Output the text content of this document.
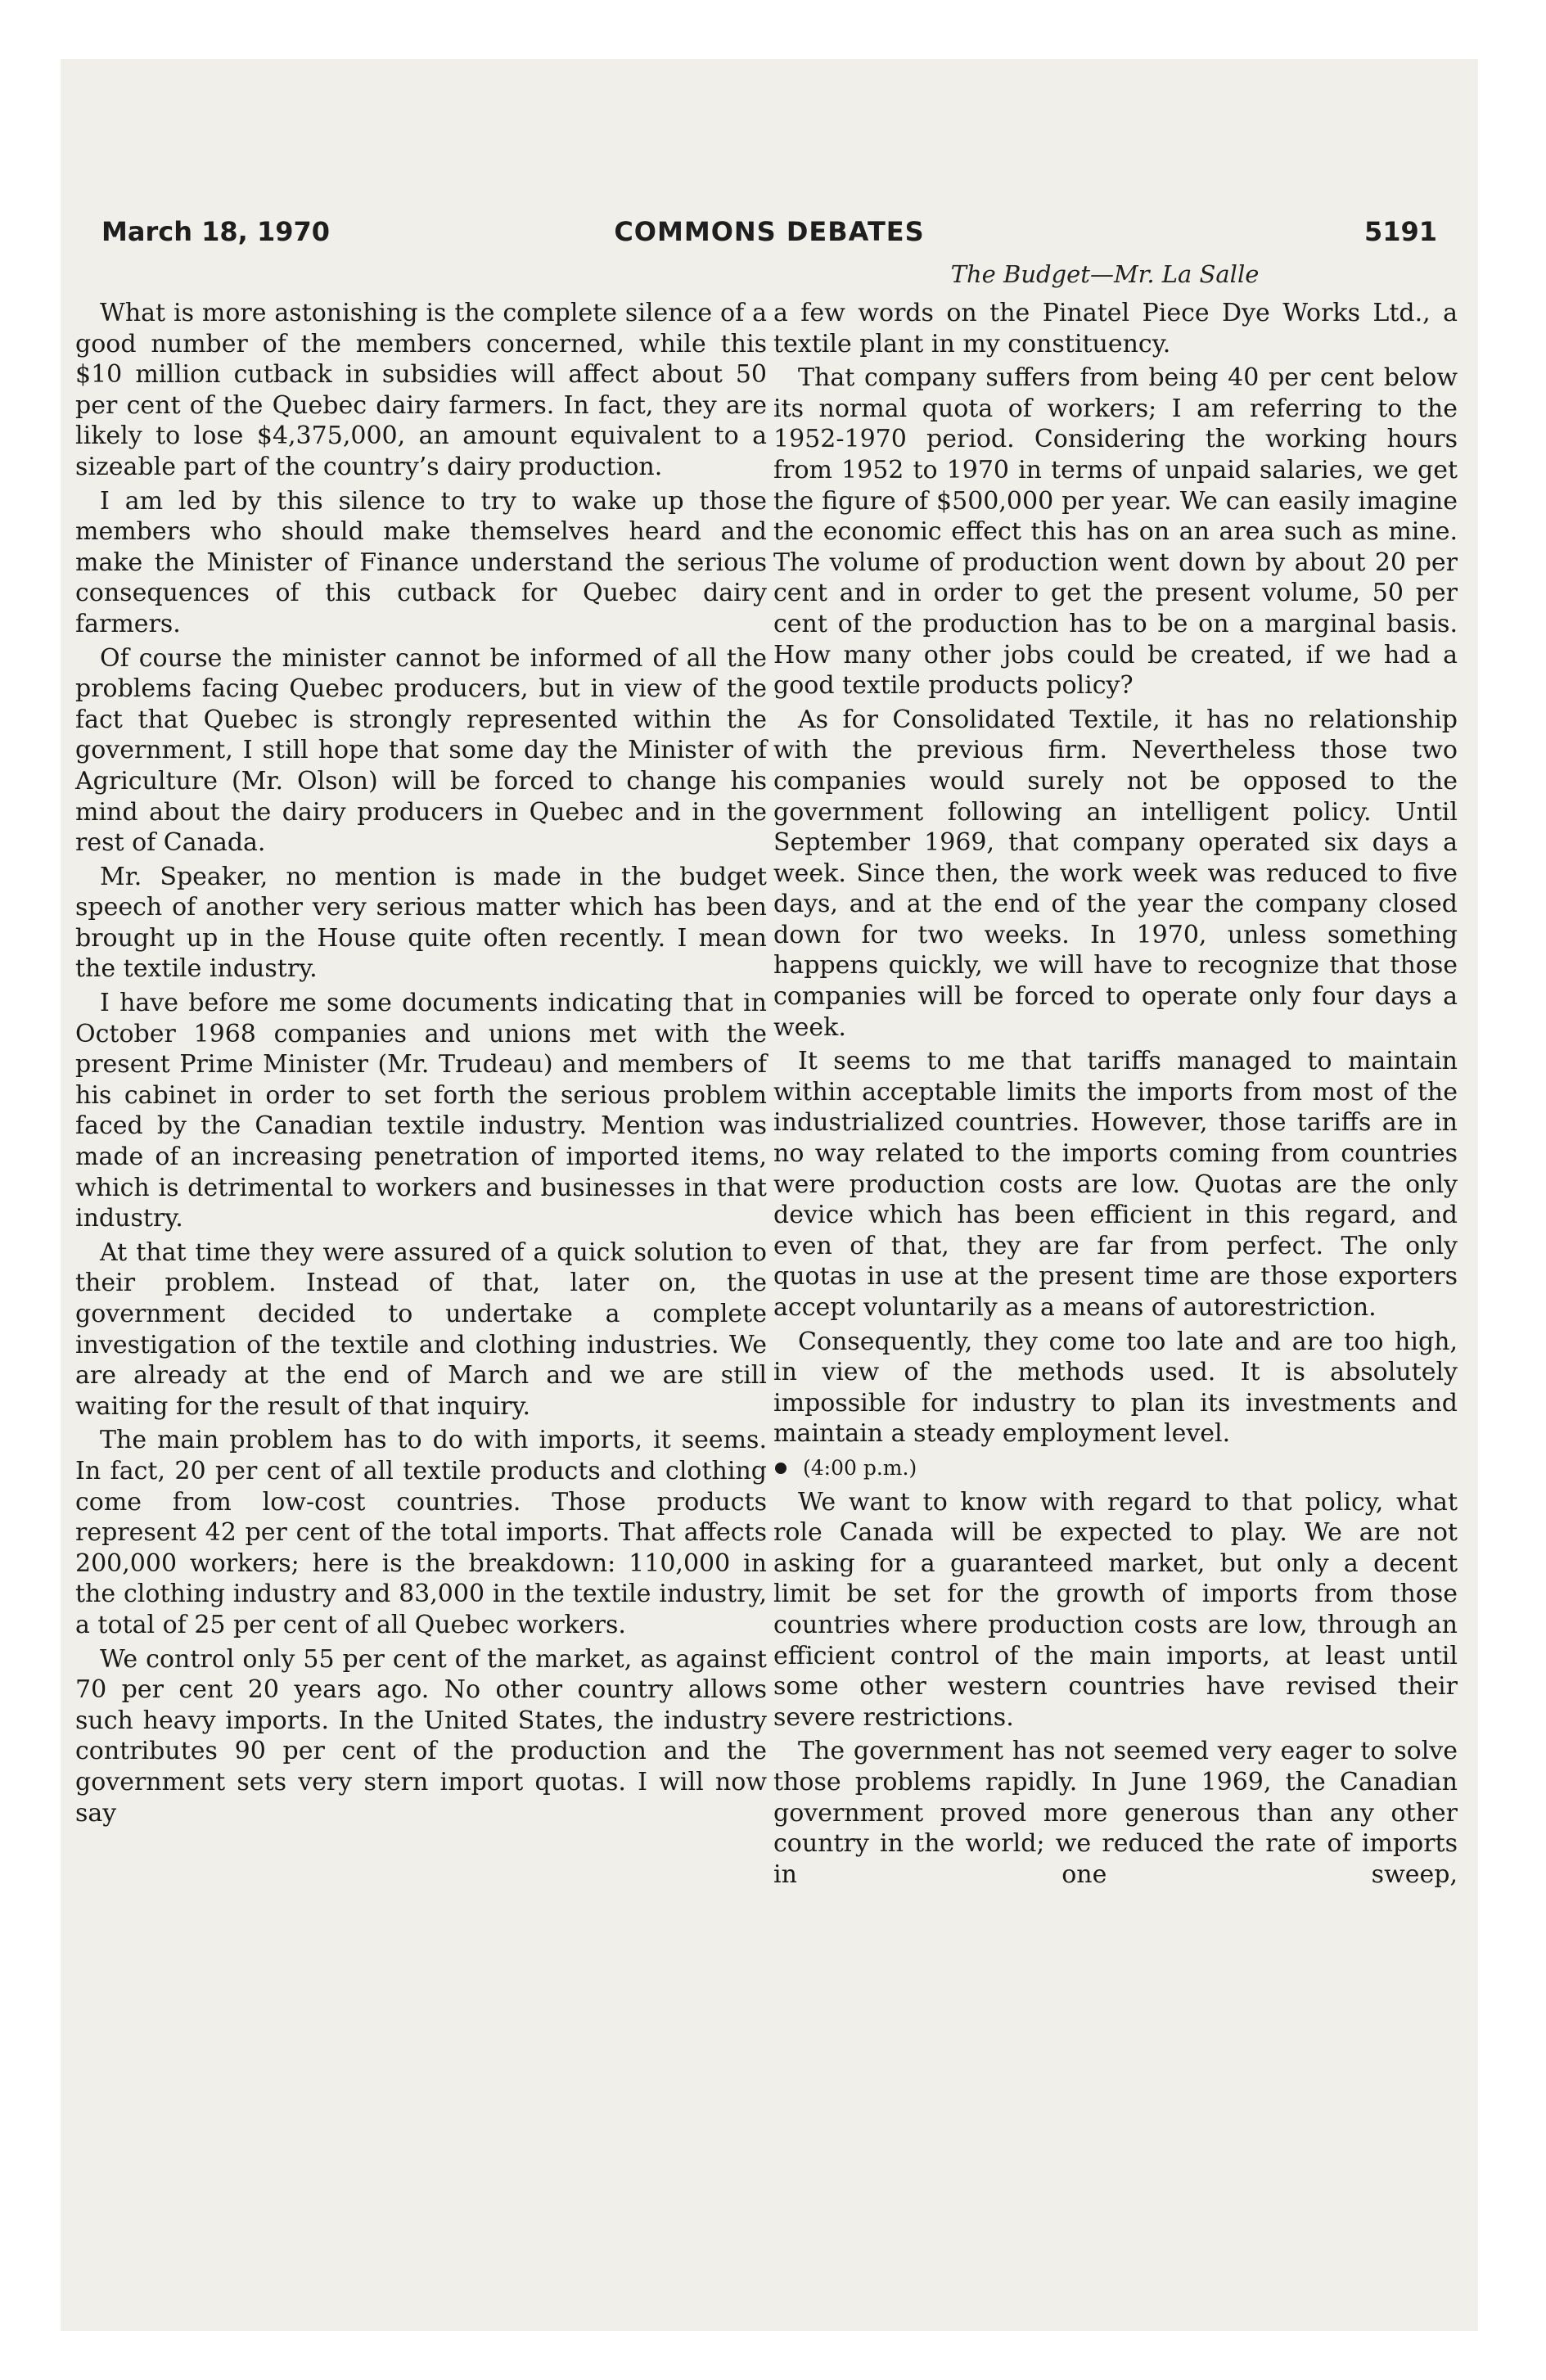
March 18, 1970	COMMONS DEBATES	5191
The Budget—Mr. La Salle

What is more astonishing is the complete silence of a good number of the members concerned, while this $10 million cutback in subsidies will affect about 50 per cent of the Quebec dairy farmers. In fact, they are likely to lose $4,375,000, an amount equivalent to a sizeable part of the country’s dairy production.

I am led by this silence to try to wake up those members who should make themselves heard and make the Minister of Finance understand the serious consequences of this cutback for Quebec dairy farmers.

Of course the minister cannot be informed of all the problems facing Quebec producers, but in view of the fact that Quebec is strongly represented within the government, I still hope that some day the Minister of Agriculture (Mr. Olson) will be forced to change his mind about the dairy producers in Quebec and in the rest of Canada.

Mr. Speaker, no mention is made in the budget speech of another very serious matter which has been brought up in the House quite often recently. I mean the textile industry.

I have before me some documents indicating that in October 1968 companies and unions met with the present Prime Minister (Mr. Trudeau) and members of his cabinet in order to set forth the serious problem faced by the Canadian textile industry. Mention was made of an increasing penetration of imported items, which is detrimental to workers and businesses in that industry.

At that time they were assured of a quick solution to their problem. Instead of that, later on, the government decided to undertake a complete investigation of the textile and clothing industries. We are already at the end of March and we are still waiting for the result of that inquiry.

The main problem has to do with imports, it seems. In fact, 20 per cent of all textile products and clothing come from low-cost countries. Those products represent 42 per cent of the total imports. That affects 200,000 workers; here is the breakdown: 110,000 in the clothing industry and 83,000 in the textile industry, a total of 25 per cent of all Quebec workers.

We control only 55 per cent of the market, as against 70 per cent 20 years ago. No other country allows such heavy imports. In the United States, the industry contributes 90 per cent of the production and the government sets very stern import quotas. I will now say

a few words on the Pinatel Piece Dye Works Ltd., a textile plant in my constituency.

That company suffers from being 40 per cent below its normal quota of workers; I am referring to the 1952-1970 period. Considering the working hours from 1952 to 1970 in terms of unpaid salaries, we get the figure of $500,000 per year. We can easily imagine the economic effect this has on an area such as mine. The volume of production went down by about 20 per cent and in order to get the present volume, 50 per cent of the production has to be on a marginal basis. How many other jobs could be created, if we had a good textile products policy?

As for Consolidated Textile, it has no relationship with the previous firm. Nevertheless those two companies would surely not be opposed to the government following an intelligent policy. Until September 1969, that company operated six days a week. Since then, the work week was reduced to five days, and at the end of the year the company closed down for two weeks. In 1970, unless something happens quickly, we will have to recognize that those companies will be forced to operate only four days a week.

It seems to me that tariffs managed to maintain within acceptable limits the imports from most of the industrialized countries. However, those tariffs are in no way related to the imports coming from countries were production costs are low. Quotas are the only device which has been efficient in this regard, and even of that, they are far from perfect. The only quotas in use at the present time are those exporters accept voluntarily as a means of autorestriction.

Consequently, they come too late and are too high, in view of the methods used. It is absolutely impossible for industry to plan its investments and maintain a steady employment level.

(4:00 p.m.)

We want to know with regard to that policy, what role Canada will be expected to play. We are not asking for a guaranteed market, but only a decent limit be set for the growth of imports from those countries where production costs are low, through an efficient control of the main imports, at least until some other western countries have revised their severe restrictions.

The government has not seemed very eager to solve those problems rapidly. In June 1969, the Canadian government proved more generous than any other country in the world; we reduced the rate of imports in one sweep,
